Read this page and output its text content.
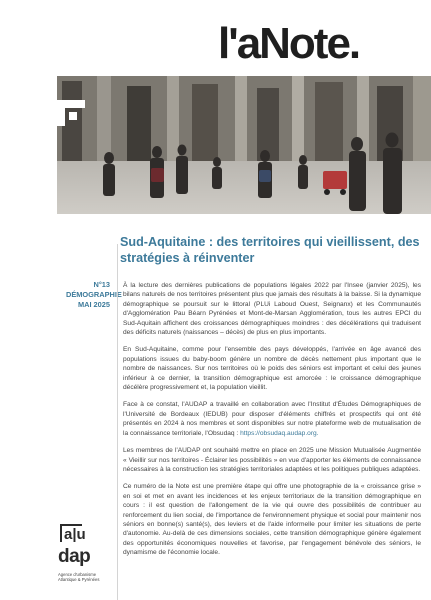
l'aNote.
Sud-Aquitaine : des territoires qui vieillissent, des stratégies à réinventer
N°13
DÉMOGRAPHIE
MAI 2025

À la lecture des dernières publications de populations légales 2022 par l'Insee (janvier 2025), les bilans naturels de nos territoires présentent plus que jamais des résultats à la baisse. Si la dynamique démographique se poursuit sur le littoral (PLUi Laboud Ouest, Seignanx) et les Communautés d'Agglomération Pau Béarn Pyrénées et Mont-de-Marsan Agglomération, tous les autres EPCI du Sud-Aquitain affichent des croissances démographiques moindres : des décélérations qui traduisent des déficits naturels (naissances – décès) de plus en plus importants.

En Sud-Aquitaine, comme pour l'ensemble des pays développés, l'arrivée en âge avancé des populations issues du baby-boom génère un nombre de décès nettement plus important que le nombre de naissances. Sur nos territoires où le poids des séniors est important et celui des jeunes inférieur à ce dernier, la transition démographique est amorcée : le croissance démographique décélère progressivement et, la population vieillit.

Face à ce constat, l'AUDAP a travaillé en collaboration avec l'Institut d'Études Démographiques de l'Université de Bordeaux (IEDUB) pour disposer d'éléments chiffrés et prospectifs qui ont été présentés en 2024 à nos membres et sont disponibles sur notre plateforme web de mutualisation de la connaissance territoriale, l'Obsudaq : https://obsudaq.audap.org.

Les membres de l'AUDAP ont souhaité mettre en place en 2025 une Mission Mutualisée Augmentée « Vieillir sur nos territoires - Éclairer les possibilités » en vue d'apporter les éléments de connaissance nécessaires à la construction les stratégies territoriales adaptées et les politiques publiques adaptées.

Ce numéro de la Note est une première étape qui offre une photographie de la « croissance grise » en soi et met en avant les incidences et les enjeux territoriaux de la transition démographique en cours : il est question de l'allongement de la vie qui ouvre des possibilités de contribuer au renforcement du lien social, de l'importance de l'environnement physique et social pour maintenir nos séniors en bonne(s) santé(s), des leviers et de l'aide informelle pour limiter les situations de perte d'autonomie. Au-delà de ces dimensions sociales, cette transition démographique génère également des opportunités économiques nouvelles et favorise, par l'engagement bénévole des séniors, le dynamisme de l'économie locale.

a|u
dap
Agence d'urbanisme Atlantique & Pyrénées
